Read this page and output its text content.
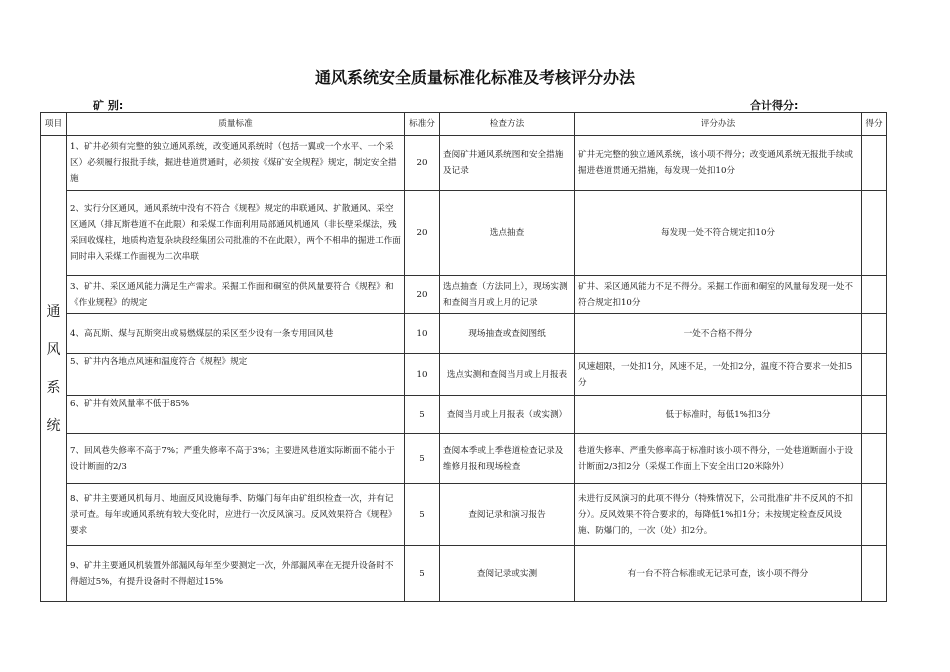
通风系统安全质量标准化标准及考核评分办法
矿 别:	合计得分:
项目	质量标准	标准分	检查方法	评分办法	得分

通
风
系
统	1、矿井必须有完整的独立通风系统，改变通风系统时（包括一翼或一个水平、一个采区）必须履行报批手续，掘进巷道贯通时，必须按《煤矿安全规程》规定，制定安全措施	20	查阅矿井通风系统图和安全措施及记录	矿井无完整的独立通风系统，该小项不得分；改变通风系统无报批手续或掘进巷道贯通无措施，每发现一处扣10分	
	2、实行分区通风，通风系统中没有不符合《规程》规定的串联通风、扩散通风、采空区通风（排瓦斯巷道不在此限）和采煤工作面利用局部通风机通风（非长壁采煤法，残采回收煤柱，地质构造复杂块段经集团公司批准的不在此限），两个不相串的掘进工作面同时串入采煤工作面视为二次串联	20	选点抽查	每发现一处不符合规定扣10分	
	3、矿井、采区通风能力满足生产需求。采掘工作面和硐室的供风量要符合《规程》和《作业规程》的规定	20	选点抽查（方法同上），现场实测和查阅当月或上月的记录	矿井、采区通风能力不足不得分。采掘工作面和硐室的风量每发现一处不符合规定扣10分	
	4、高瓦斯、煤与瓦斯突出或易燃煤层的采区至少设有一条专用回风巷	10	现场抽查或查阅图纸	一处不合格不得分	
	5、矿井内各地点风速和温度符合《规程》规定	10	选点实测和查阅当月或上月报表	风速超限，一处扣1分，风速不足，一处扣2分，温度不符合要求一处扣5分	
	6、矿井有效风量率不低于85%	5	查阅当月或上月报表（或实测）	低于标准时，每低1%扣3分	
	7、回风巷失修率不高于7%；严重失修率不高于3%；主要进风巷道实际断面不能小于设计断面的2/3	5	查阅本季或上季巷道检查记录及维修月报和现场检查	巷道失修率、严重失修率高于标准时该小项不得分，一处巷道断面小于设计断面2/3扣2分（采煤工作面上下安全出口20米除外）	
	8、矿井主要通风机每月、地面反风设施每季、防爆门每年由矿组织检查一次，并有记录可查。每年或通风系统有较大变化时，应进行一次反风演习。反风效果符合《规程》要求	5	查阅记录和演习报告	未进行反风演习的此项不得分（特殊情况下，公司批准矿井不反风的不扣分）。反风效果不符合要求的，每降低1%扣1分；未按规定检查反风设施、防爆门的，一次（处）扣2分。	
	9、矿井主要通风机装置外部漏风每年至少要测定一次，外部漏风率在无提升设备时不得超过5%，有提升设备时不得超过15%	5	查阅记录或实测	有一台不符合标准或无记录可查，该小项不得分	
